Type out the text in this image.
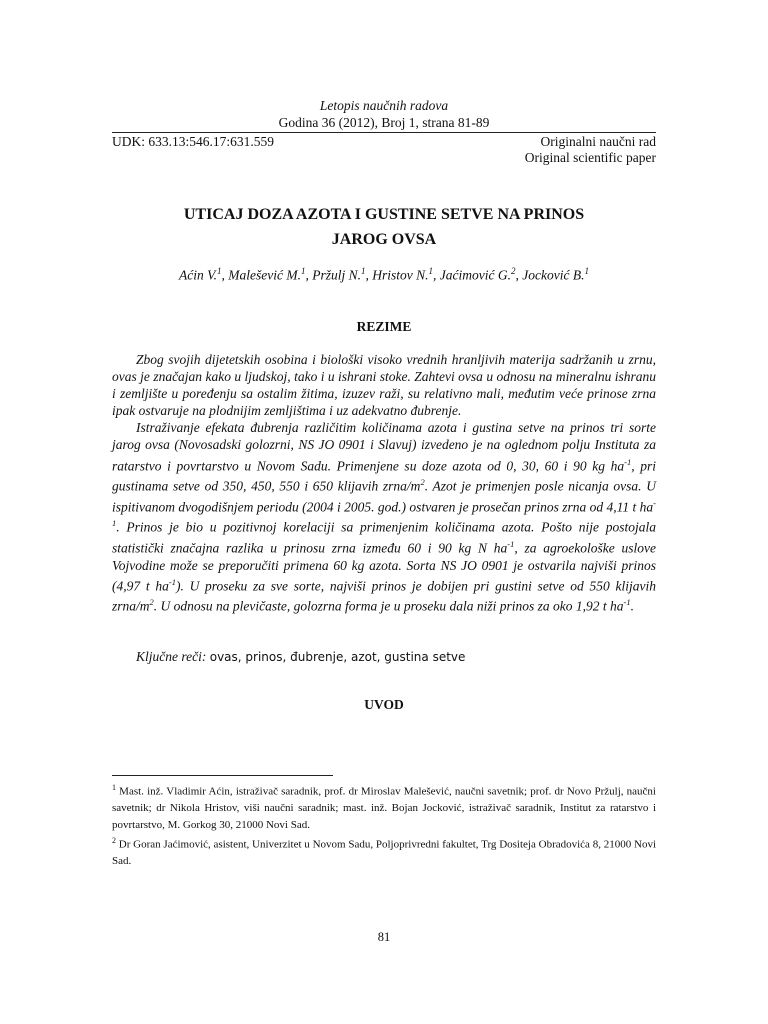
Letopis naučnih radova
Godina 36 (2012), Broj 1, strana 81-89
UDK: 633.13:546.17:631.559	Originalni naučni rad
Original scientific paper
UTICAJ DOZA AZOTA I GUSTINE SETVE NA PRINOS
JAROG OVSA
Aćin V.$^1$, Malešević M.$^1$, Pržulj N.$^1$, Hristov N.$^1$, Jaćimović G.$^2$, Jocković B.$^1$
REZIME

Zbog svojih dijetetskih osobina i biološki visoko vrednih hranljivih materija sadržanih u zrnu, ovas je značajan kako u ljudskoj, tako i u ishrani stoke. Zahtevi ovsa u odnosu na mineralnu ishranu i zemljište u poređenju sa ostalim žitima, izuzev raži, su relativno mali, međutim veće prinose zrna ipak ostvaruje na plodnijim zemljištima i uz adekvatno đubrenje.

Istraživanje efekata đubrenja različitim količinama azota i gustina setve na prinos tri sorte jarog ovsa (Novosadski golozrni, NS JO 0901 i Slavuj) izvedeno je na oglednom polju Instituta za ratarstvo i povrtarstvo u Novom Sadu. Primenjene su doze azota od 0, 30, 60 i 90 kg $ha^{-1}$, pri gustinama setve od 350, 450, 550 i 650 klijavih zrna/$m^2$. Azot je primenjen posle nicanja ovsa. U ispitivanom dvogodišnjem periodu (2004 i 2005. god.) ostvaren je prosečan prinos zrna od 4,11 t $ha^{-1}$. Prinos je bio u pozitivnoj korelaciji sa primenjenim količinama azota. Pošto nije postojala statistički značajna razlika u prinosu zrna između 60 i 90 kg N $ha^{-1}$, za agroekološke uslove Vojvodine može se preporučiti primena 60 kg azota. Sorta NS JO 0901 je ostvarila najviši prinos (4,97 t $ha^{-1}$). U proseku za sve sorte, najviši prinos je dobijen pri gustini setve od 550 klijavih zrna/$m^2$. U odnosu na plevičaste, golozrna forma je u proseku dala niži prinos za oko 1,92 t $ha^{-1}$.

Ključne reči: ovas, prinos, đubrenje, azot, gustina setve
UVOD

$^1$ Mast. inž. Vladimir Aćin, istraživač saradnik, prof. dr Miroslav Malešević, naučni savetnik; prof. dr Novo Pržulj, naučni savetnik; dr Nikola Hristov, viši naučni saradnik; mast. inž. Bojan Jocković, istraživač saradnik, Institut za ratarstvo i povrtarstvo, M. Gorkog 30, 21000 Novi Sad.

$^2$ Dr Goran Jaćimović, asistent, Univerzitet u Novom Sadu, Poljoprivredni fakultet, Trg Dositeja Obradovića 8, 21000 Novi Sad.

81
